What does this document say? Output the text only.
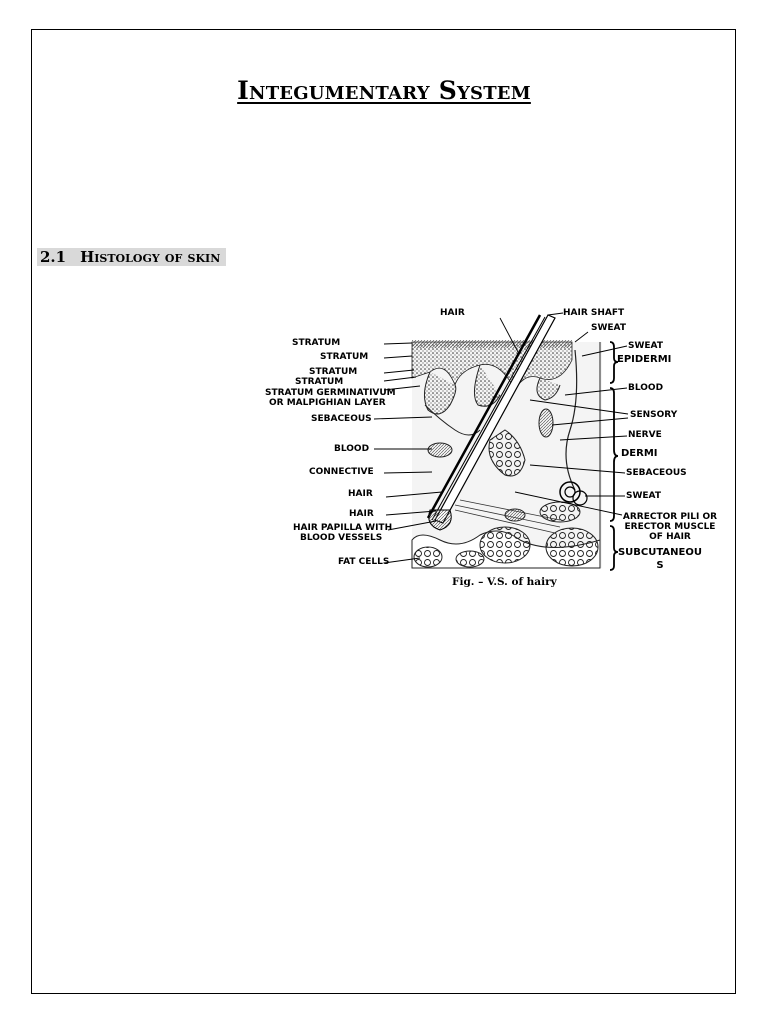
Integumentary System
2.1 Histology of skin
HAIR	HAIR SHAFT
SWEAT
STRATUM
STRATUM
STRATUM
STRATUM
STRATUM GERMINATIVUM
OR MALPIGHIAN LAYER
SEBACEOUS
BLOOD
CONNECTIVE
HAIR
HAIR
HAIR PAPILLA WITH
BLOOD VESSELS
FAT CELLS
SWEAT
EPIDERMI
BLOOD
SENSORY
NERVE
DERMI
SEBACEOUS
SWEAT
ARRECTOR PILI OR
ERECTOR MUSCLE
OF HAIR
SUBCUTANEOU
S
Fig. – V.S. of hairy
